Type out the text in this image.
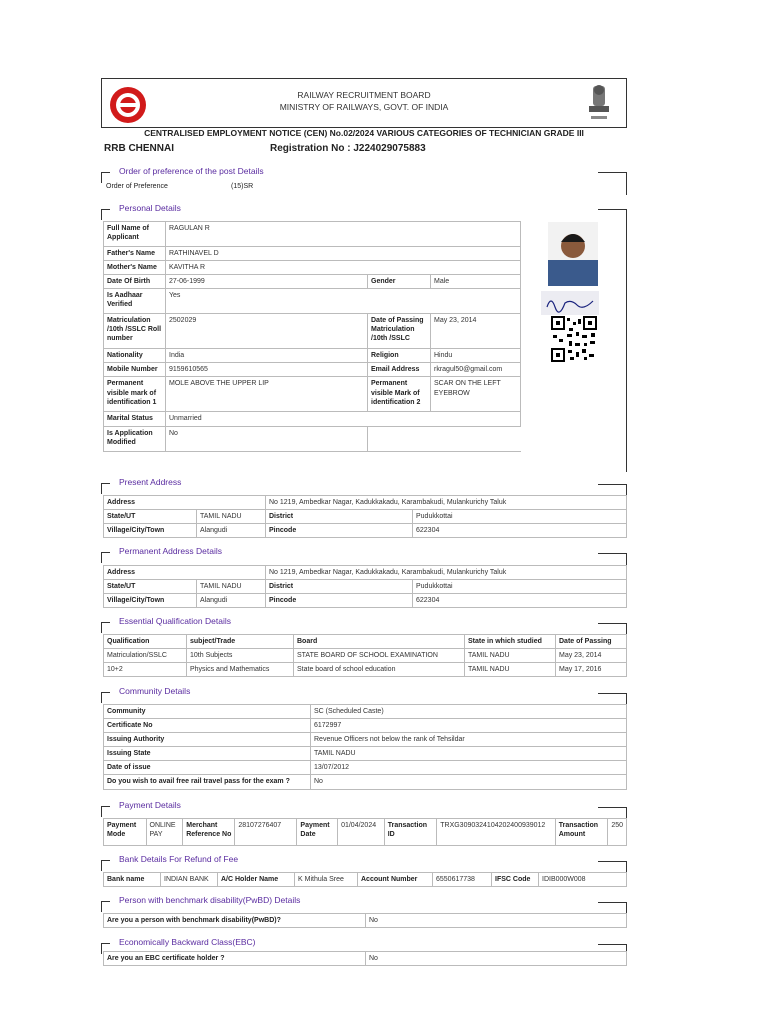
RAILWAY RECRUITMENT BOARD
MINISTRY OF RAILWAYS, GOVT. OF INDIA
CENTRALISED EMPLOYMENT NOTICE (CEN) No.02/2024 VARIOUS CATEGORIES OF TECHNICIAN GRADE III
RRB CHENNAI	Registration No : J224029075883
Order of preference of the post Details
Order of Preference	(15)SR
Personal Details
Full Name of Applicant	RAGULAN R		
Father's Name	RATHINAVEL D		
Mother's Name	KAVITHA R		
Date Of Birth	27-06-1999	Gender	Male
Is Aadhaar Verified	Yes		
Matriculation /10th /SSLC Roll number	2502029	Date of Passing Matriculation /10th /SSLC	May 23, 2014
Nationality	India	Religion	Hindu
Mobile Number	9159610565	Email Address	rkragul50@gmail.com
Permanent visible mark of identification 1	MOLE ABOVE THE UPPER LIP	Permanent visible Mark of identification 2	SCAR ON THE LEFT EYEBROW
Marital Status	Unmarried		
Is Application Modified	No		
Present Address
Address		No 1219, Ambedkar Nagar, Kadukkakadu, Karambakudi, Mulankurichy Taluk	
State/UT	TAMIL NADU	District	Pudukkottai
Village/City/Town	Alangudi	Pincode	622304
Permanent Address Details
Address		No 1219, Ambedkar Nagar, Kadukkakadu, Karambakudi, Mulankurichy Taluk	
State/UT	TAMIL NADU	District	Pudukkottai
Village/City/Town	Alangudi	Pincode	622304
Essential Qualification Details
Qualification	subject/Trade	Board	State in which studied	Date of Passing
Matriculation/SSLC	10th Subjects	STATE BOARD OF SCHOOL EXAMINATION	TAMIL NADU	May 23, 2014
10+2	Physics and Mathematics	State board of school education	TAMIL NADU	May 17, 2016
Community Details
Community	SC (Scheduled Caste)
Certificate No	6172997
Issuing Authority	Revenue Officers not below the rank of Tehsildar
Issuing State	TAMIL NADU
Date of issue	13/07/2012
Do you wish to avail free rail travel pass for the exam ?	No
Payment Details
Payment Mode	ONLINE PAY	Merchant Reference No	28107276407	Payment Date	01/04/2024	Transaction ID	TRXG3090324104202400939012	Transaction Amount	250
Bank Details For Refund of Fee
Bank name	INDIAN BANK	A/C Holder Name	K Mithula Sree	Account Number	6550617738	IFSC Code	IDIB000W008
Person with benchmark disability(PwBD) Details
Are you a person with benchmark disability(PwBD)?	No
Economically Backward Class(EBC)
Are you an EBC certificate holder ?	No
